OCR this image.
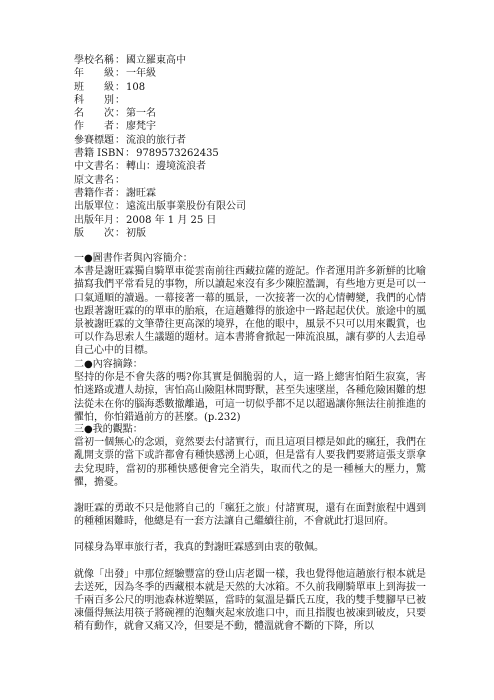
學校名稱 ： 國立羅東高中
年　　級 ： 一年級
班　　級 ： 108
科　　別 ：
名　　次 ： 第一名
作　　者 ： 廖梵宇
參賽標題 ： 流浪的旅行者
書籍 ISBN ： 9789573262435
中文書名 ： 轉山：邊境流浪者
原文書名 ：
書籍作者 ： 謝旺霖
出版單位 ： 遠流出版事業股份有限公司
出版年月 ： 2008 年 1 月 25 日
版　　次 ： 初版

一●圖書作者與內容簡介：

本書是謝旺霖獨自騎單車從雲南前往西藏拉薩的遊記。作者運用許多新鮮的比喻描寫我們平常看見的事物，所以讀起來沒有多少陳腔濫調，有些地方更是可以一口氣通順的讀過。一幕接著一幕的風景，一次接著一次的心情轉變，我們的心情也跟著謝旺霖的的單車的胎痕，在這趟難得的旅途中一路起起伏伏。旅途中的風景被謝旺霖的文筆帶往更高深的境界，在他的眼中，風景不只可以用來觀賞，也可以作為思索人生議題的題材。這本書將會掀起一陣流浪風，讓有夢的人去追尋自己心中的目標。

二●內容摘錄：

堅持的你是不會失落的嗎?你其實是個脆弱的人，這一路上總害怕陌生寂寞，害怕迷路或遭人劫掠，害怕高山險阻林間野獸，甚至失速墜崖，各種危險困難的想法從未在你的腦海悉數撤離過，可這一切似乎都不足以超過讓你無法往前推進的懼怕，你怕錯過前方的甚麼。(p.232)

三●我的觀點：

當初一個無心的念頭，竟然要去付諸實行，而且這項目標是如此的瘋狂，我們在亂開支票的當下或許都會有種快感湧上心頭，但是當有人要我們要將這張支票拿去兌現時，當初的那種快感便會完全消失，取而代之的是一種極大的壓力，驚懼，擔憂。

謝旺霖的勇敢不只是他將自己的「瘋狂之旅」付諸實現，還有在面對旅程中遇到的種種困難時，他總是有一套方法讓自己繼續往前，不會就此打退回府。

同樣身為單車旅行者，我真的對謝旺霖感到由衷的敬佩。

就像「出發」中那位經驗豐富的登山店老闆一樣，我也覺得他這趟旅行根本就是去送死，因為冬季的西藏根本就是天然的大冰箱。不久前我剛騎單車上到海拔一千兩百多公尺的明池森林遊樂區，當時的氣溫是攝氏五度，我的雙手雙腳早已被凍僵得無法用筷子將碗裡的泡麵夾起來放進口中，而且指腹也被凍到破皮，只要稍有動作，就會又痛又冷，但要是不動，體溫就會不斷的下降，所以
